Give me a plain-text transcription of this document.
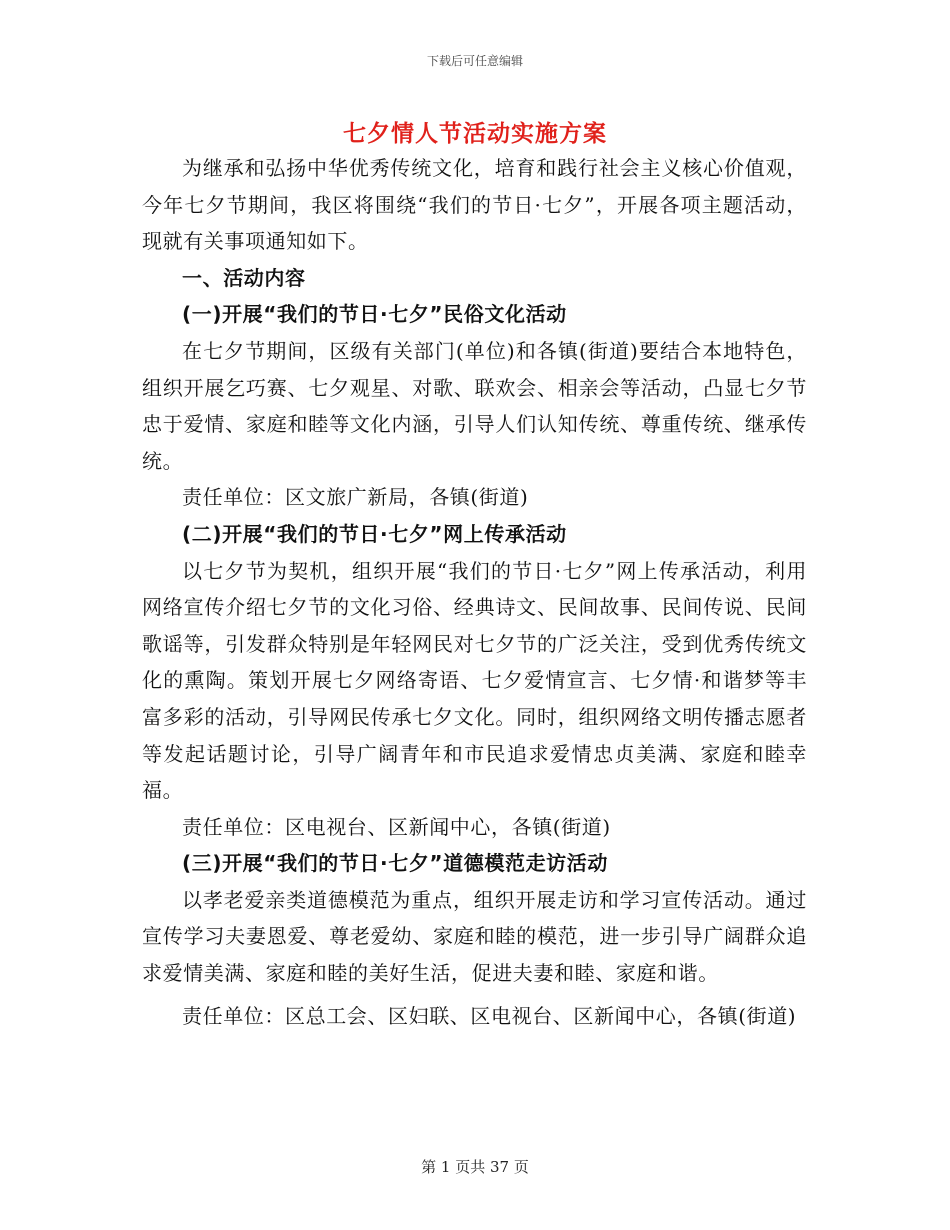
下载后可任意编辑
七夕情人节活动实施方案

为继承和弘扬中华优秀传统文化，培育和践行社会主义核心价值观，今年七夕节期间，我区将围绕“我们的节日·七夕”，开展各项主题活动，现就有关事项通知如下。

一、活动内容

(一)开展“我们的节日·七夕”民俗文化活动

在七夕节期间，区级有关部门(单位)和各镇(街道)要结合本地特色，组织开展乞巧赛、七夕观星、对歌、联欢会、相亲会等活动，凸显七夕节忠于爱情、家庭和睦等文化内涵，引导人们认知传统、尊重传统、继承传统。

责任单位：区文旅广新局，各镇(街道)

(二)开展“我们的节日·七夕”网上传承活动

以七夕节为契机，组织开展“我们的节日·七夕”网上传承活动，利用网络宣传介绍七夕节的文化习俗、经典诗文、民间故事、民间传说、民间歌谣等，引发群众特别是年轻网民对七夕节的广泛关注，受到优秀传统文化的熏陶。策划开展七夕网络寄语、七夕爱情宣言、七夕情·和谐梦等丰富多彩的活动，引导网民传承七夕文化。同时，组织网络文明传播志愿者等发起话题讨论，引导广阔青年和市民追求爱情忠贞美满、家庭和睦幸福。

责任单位：区电视台、区新闻中心，各镇(街道)

(三)开展“我们的节日·七夕”道德模范走访活动

以孝老爱亲类道德模范为重点，组织开展走访和学习宣传活动。通过宣传学习夫妻恩爱、尊老爱幼、家庭和睦的模范，进一步引导广阔群众追求爱情美满、家庭和睦的美好生活，促进夫妻和睦、家庭和谐。

责任单位：区总工会、区妇联、区电视台、区新闻中心，各镇(街道)

第 1 页共 37 页
